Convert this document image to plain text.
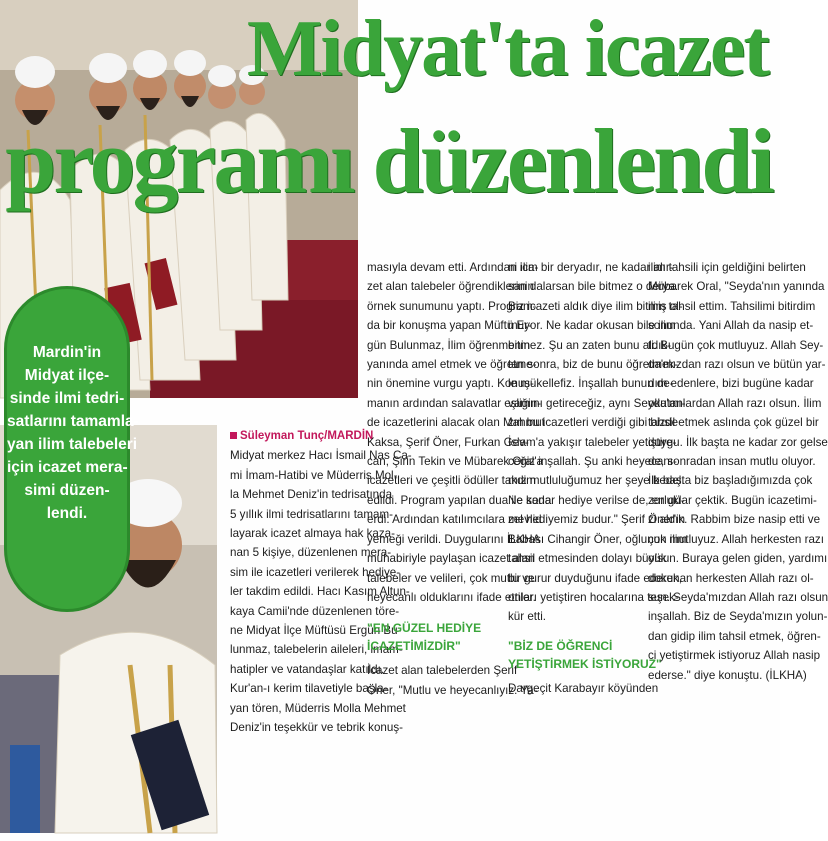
Midyat'ta icazet
programı düzenlendi
Mardin'in
Midyat ilçe-
sinde ilmi tedri-
satlarını tamamla-
yan ilim talebeleri
için icazet mera-
simi düzen-
lendi.
Süleyman Tunç/MARDİN
Midyat merkez Hacı İsmail Nas Ca-
mi İmam-Hatibi ve Müderris Mol-
la Mehmet Deniz'in tedrisatında
5 yıllık ilmi tedrisatlarını tamam-
layarak icazet almaya hak kaza-
nan 5 kişiye, düzenlenen mera-
sim ile icazetleri verilerek hediye-
ler takdim edildi. Hacı Kasım Altun-
kaya Camii'nde düzenlenen töre-
ne Midyat İlçe Müftüsü Ergün Bu-
lunmaz, talebelerin aileleri, imam-
hatipler ve vatandaşlar katıldı.
Kur'an-ı kerim tilavetiyle başla-
yan tören, Müderris Molla Mehmet
Deniz'in teşekkür ve tebrik konuş-
masıyla devam etti. Ardından ica-
zet alan talebeler öğrendiklerinin
örnek sunumunu yaptı. Program-
da bir konuşma yapan Müftü Er-
gün Bulunmaz, İlim öğrenmenin
yanında amel etmek ve öğretme-
nin önemine vurgu yaptı. Konuş-
manın ardından salavatlar eşliğin-
de icazetlerini alacak olan Mahmut
Kaksa, Şerif Öner, Furkan Gev-
can, Şirin Tekin ve Mübarek Oral'a
icazetleri ve çeşitli ödüller takdim
edildi. Program yapılan dua ile sona
erdi. Ardından katılımcılara mevlid
yemeği verildi. Duygularını İLKHA
muhabiriyle paylaşan icazet alan
talebeler ve velileri, çok mutlu ve
heyecanlı olduklarını ifade ettiler.
"EN GÜZEL HEDİYE
İCAZETİMİZDİR"
İcazet alan talebelerden Şerif
Öner, "Mutlu ve heyecanlıyız. Ya-
ni ilim bir deryadır, ne kadar alır-
san dalarsan bile bitmez o derya.
Biz icazeti aldık diye ilim bitmiş ol-
muyor. Ne kadar okusan bile ilim
bitmez. Şu an zaten bunu aldık-
tan sonra, biz de bunu öğretmek-
le mükellefiz. İnşallah bunun de-
vamını getireceğiz, aynı Seyda'mı-
zın bu icazetleri verdiği gibi bizde
İslam'a yakışır talebeler yetiştire-
ceğiz inşallah. Şu anki heyecanı-
mız mutluluğumuz her şeye bedel.
Ne kadar hediye verilse de, en gü-
zel hediyemiz budur." Şerif Öner'in
Babası Cihangir Öner, oğlunun ilim
tahsil etmesinden dolayı büyük
bir gurur duyduğunu ifade ederek,
onları yetiştiren hocalarına teşek-
kür etti.
"BİZ DE ÖĞRENCİ
YETİŞTİRMEK İSTİYORUZ"
Dargeçit Karabayır köyünden
ilim tahsili için geldiğini belirten
Mübarek Oral, "Seyda'nın yanında
ilim tahsil ettim. Tahsilimi bitirdim
sonunda. Yani Allah da nasip et-
ti. Bugün çok mutluyuz. Allah Sey-
da'mızdan razı olsun ve bütün yar-
dım edenlere, bizi bugüne kadar
okutanlardan Allah razı olsun. İlim
tahsil etmek aslında çok güzel bir
duygu. İlk başta ne kadar zor gelse
de, sonradan insan mutlu oluyor.
İlk başta biz başladığımızda çok
zorluklar çektik. Bugün icazetimi-
zi aldık. Rabbim bize nasip etti ve
çok mutluyuz. Allah herkesten razı
olsun. Buraya gelen giden, yardımı
dokunan herkesten Allah razı ol-
sun. Seyda'mızdan Allah razı olsun
inşallah. Biz de Seyda'mızın yolun-
dan gidip ilim tahsil etmek, öğren-
ci yetiştirmek istiyoruz Allah nasip
ederse." diye konuştu. (İLKHA)
